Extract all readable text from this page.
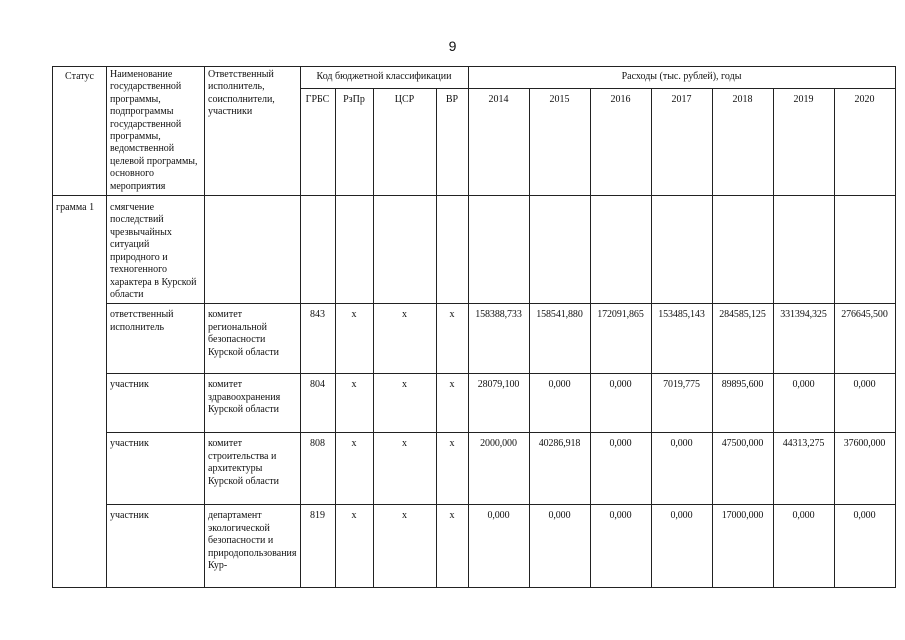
9
Статус	Наименование государственной программы, подпрограммы государственной программы, ведомственной целевой программы, основного мероприятия	Ответственный исполнитель, соисполнители, участники	Код бюджетной классификации				Расходы (тыс. рублей), годы						
			ГРБС	РзПр	ЦСР	ВР	2014	2015	2016	2017	2018	2019	2020
грамма 1	смягчение последствий чрезвычайных ситуаций природного и техногенного характера в Курской области												
	ответственный исполнитель	комитет региональной безопасности Курской области	843	х	х	х	158388,733	158541,880	172091,865	153485,143	284585,125	331394,325	276645,500
	участник	комитет здравоохранения Курской области	804	х	х	х	28079,100	0,000	0,000	7019,775	89895,600	0,000	0,000
	участник	комитет строительства и архитектуры Курской области	808	х	х	х	2000,000	40286,918	0,000	0,000	47500,000	44313,275	37600,000
	участник	департамент экологической безопасности и природопользования Кур-	819	х	х	х	0,000	0,000	0,000	0,000	17000,000	0,000	0,000
